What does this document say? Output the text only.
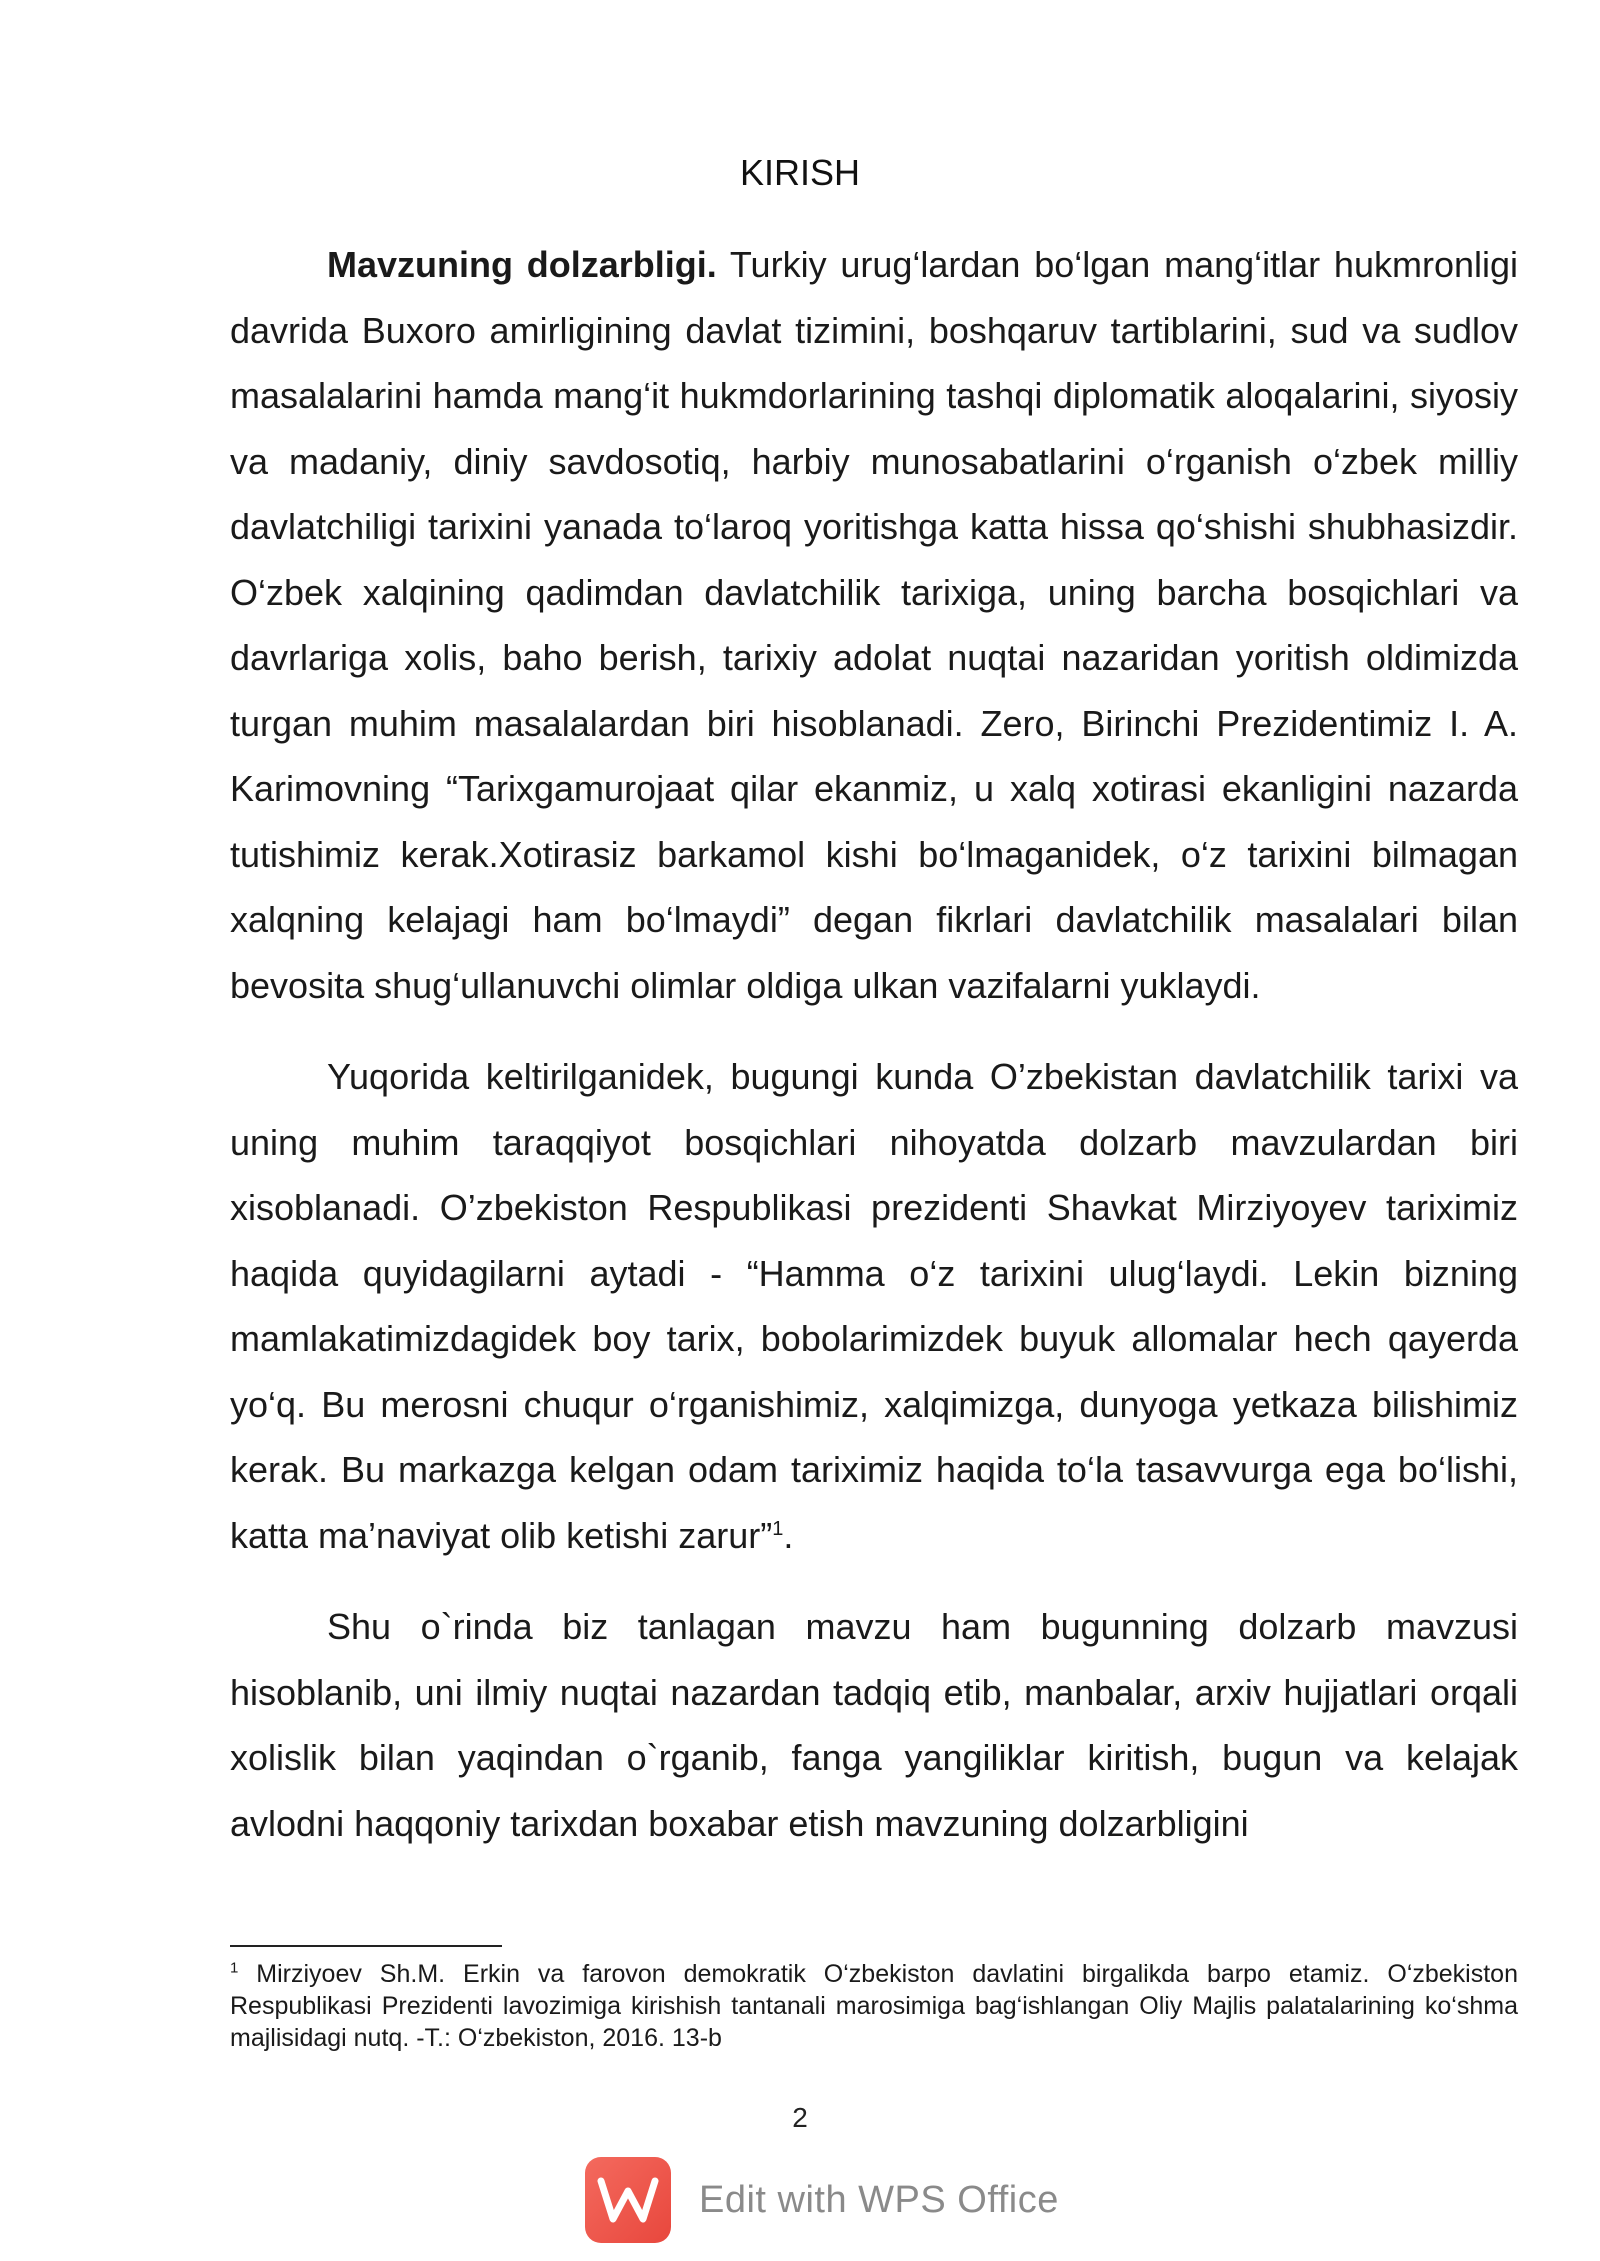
KIRISH

Mavzuning dolzarbligi. Turkiy urug‘lardan bo‘lgan mang‘itlar hukmronligi davrida Buxoro amirligining davlat tizimini, boshqaruv tartiblarini, sud va sudlov masalalarini hamda mang‘it hukmdorlarining tashqi diplomatik aloqalarini, siyosiy va madaniy, diniy savdosotiq, harbiy munosabatlarini o‘rganish o‘zbek milliy davlatchiligi tarixini yanada to‘laroq yoritishga katta hissa qo‘shishi shubhasizdir. O‘zbek xalqining qadimdan davlatchilik tarixiga, uning barcha bosqichlari va davrlariga xolis, baho berish, tarixiy adolat nuqtai nazaridan yoritish oldimizda turgan muhim masalalardan biri hisoblanadi. Zero, Birinchi Prezidentimiz I. A. Karimovning “Tarixgamurojaat qilar ekanmiz, u xalq xotirasi ekanligini nazarda tutishimiz kerak.Xotirasiz barkamol kishi bo‘lmaganidek, o‘z tarixini bilmagan xalqning kelajagi ham bo‘lmaydi” degan fikrlari davlatchilik masalalari bilan bevosita shug‘ullanuvchi olimlar oldiga ulkan vazifalarni yuklaydi.

Yuqorida keltirilganidek, bugungi kunda O’zbekistan davlatchilik tarixi va uning muhim taraqqiyot bosqichlari nihoyatda dolzarb mavzulardan biri xisoblanadi. O’zbekiston Respublikasi prezidenti Shavkat Mirziyoyev tariximiz haqida quyidagilarni aytadi - “Hamma o‘z tarixini ulug‘laydi. Lekin bizning mamlakatimizdagidek boy tarix, bobolarimizdek buyuk allomalar hech qayerda yo‘q. Bu merosni chuqur o‘rganishimiz, xalqimizga, dunyoga yetkaza bilishimiz kerak. Bu markazga kelgan odam tariximiz haqida to‘la tasavvurga ega bo‘lishi, katta ma’naviyat olib ketishi zarur”$^1$.

Shu o`rinda biz tanlagan mavzu ham bugunning dolzarb mavzusi hisoblanib, uni ilmiy nuqtai nazardan tadqiq etib, manbalar, arxiv hujjatlari orqali xolislik bilan yaqindan o`rganib, fanga yangiliklar kiritish, bugun va kelajak avlodni haqqoniy tarixdan boxabar etish mavzuning dolzarbligini

$^1$ Mirziyoev Sh.M. Erkin va farovon demokratik O‘zbekiston davlatini birgalikda barpo etamiz. O‘zbekiston Respublikasi Prezidenti lavozimiga kirishish tantanali marosimiga bag‘ishlangan Oliy Majlis palatalarining ko‘shma majlisidagi nutq. -T.: O‘zbekiston, 2016. 13-b
2
Edit with WPS Office
